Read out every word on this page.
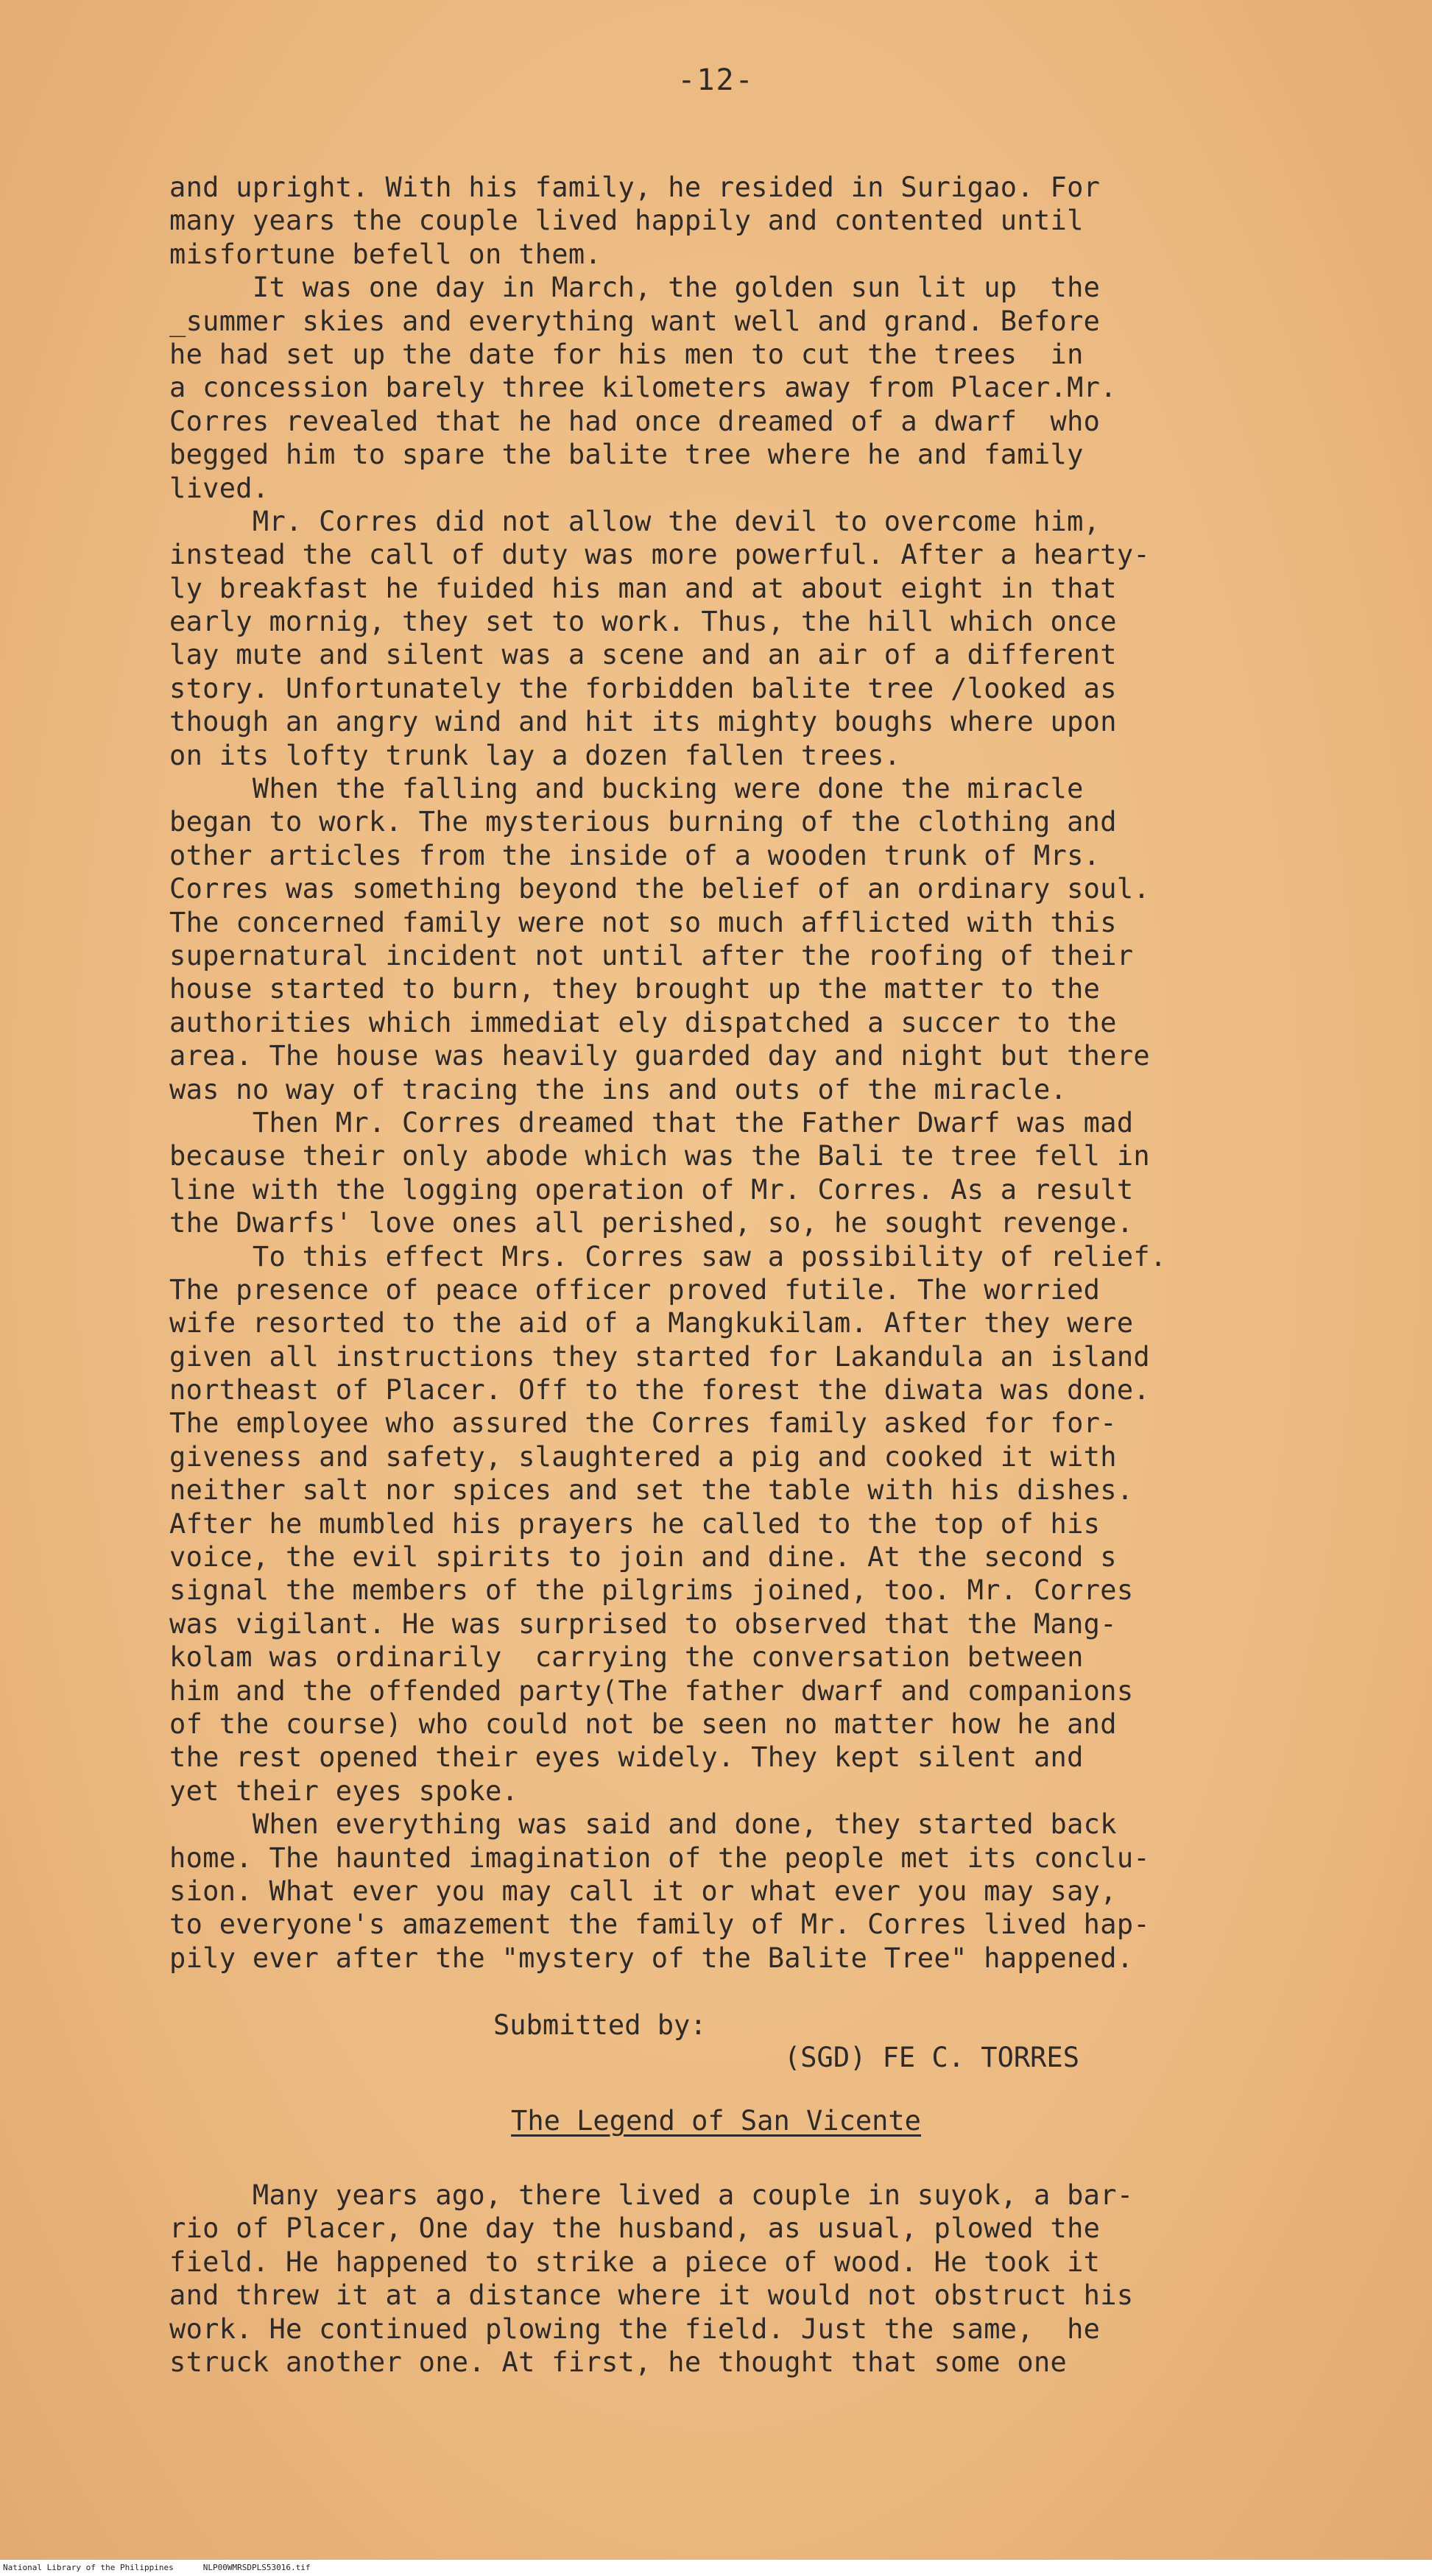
-12-
and upright. With his family, he resided in Surigao. For
many years the couple lived happily and contented until
misfortune befell on them.
It was one day in March, the golden sun lit up  the
_summer skies and everything want well and grand. Before
he had set up the date for his men to cut the trees  in
a concession barely three kilometers away from Placer.Mr.
Corres revealed that he had once dreamed of a dwarf  who
begged him to spare the balite tree where he and family
lived.
Mr. Corres did not allow the devil to overcome him,
instead the call of duty was more powerful. After a hearty-
ly breakfast he fuided his man and at about eight in that
early mornig, they set to work. Thus, the hill which once
lay mute and silent was a scene and an air of a different
story. Unfortunately the forbidden balite tree /looked as
though an angry wind and hit its mighty boughs where upon
on its lofty trunk lay a dozen fallen trees.
When the falling and bucking were done the miracle
began to work. The mysterious burning of the clothing and
other articles from the inside of a wooden trunk of Mrs.
Corres was something beyond the belief of an ordinary soul.
The concerned family were not so much afflicted with this
supernatural incident not until after the roofing of their
house started to burn, they brought up the matter to the
authorities which immediat ely dispatched a succer to the
area. The house was heavily guarded day and night but there
was no way of tracing the ins and outs of the miracle.
Then Mr. Corres dreamed that the Father Dwarf was mad
because their only abode which was the Bali te tree fell in
line with the logging operation of Mr. Corres. As a result
the Dwarfs' love ones all perished, so, he sought revenge.
To this effect Mrs. Corres saw a possibility of relief.
The presence of peace officer proved futile. The worried
wife resorted to the aid of a Mangkukilam. After they were
given all instructions they started for Lakandula an island
northeast of Placer. Off to the forest the diwata was done.
The employee who assured the Corres family asked for for-
giveness and safety, slaughtered a pig and cooked it with
neither salt nor spices and set the table with his dishes.
After he mumbled his prayers he called to the top of his
voice, the evil spirits to join and dine. At the second s
signal the members of the pilgrims joined, too. Mr. Corres
was vigilant. He was surprised to observed that the Mang-
kolam was ordinarily  carrying the conversation between
him and the offended party(The father dwarf and companions
of the course) who could not be seen no matter how he and
the rest opened their eyes widely. They kept silent and
yet their eyes spoke.
When everything was said and done, they started back
home. The haunted imagination of the people met its conclu-
sion. What ever you may call it or what ever you may say,
to everyone's amazement the family of Mr. Corres lived hap-
pily ever after the "mystery of the Balite Tree" happened.
Submitted by:
(SGD) FE C. TORRES
The Legend of San Vicente
Many years ago, there lived a couple in suyok, a bar-
rio of Placer, One day the husband, as usual, plowed the
field. He happened to strike a piece of wood. He took it
and threw it at a distance where it would not obstruct his
work. He continued plowing the field. Just the same,  he
struck another one. At first, he thought that some one
National Library of the Philippines	NLP00WMRSDPLS53016.tif
